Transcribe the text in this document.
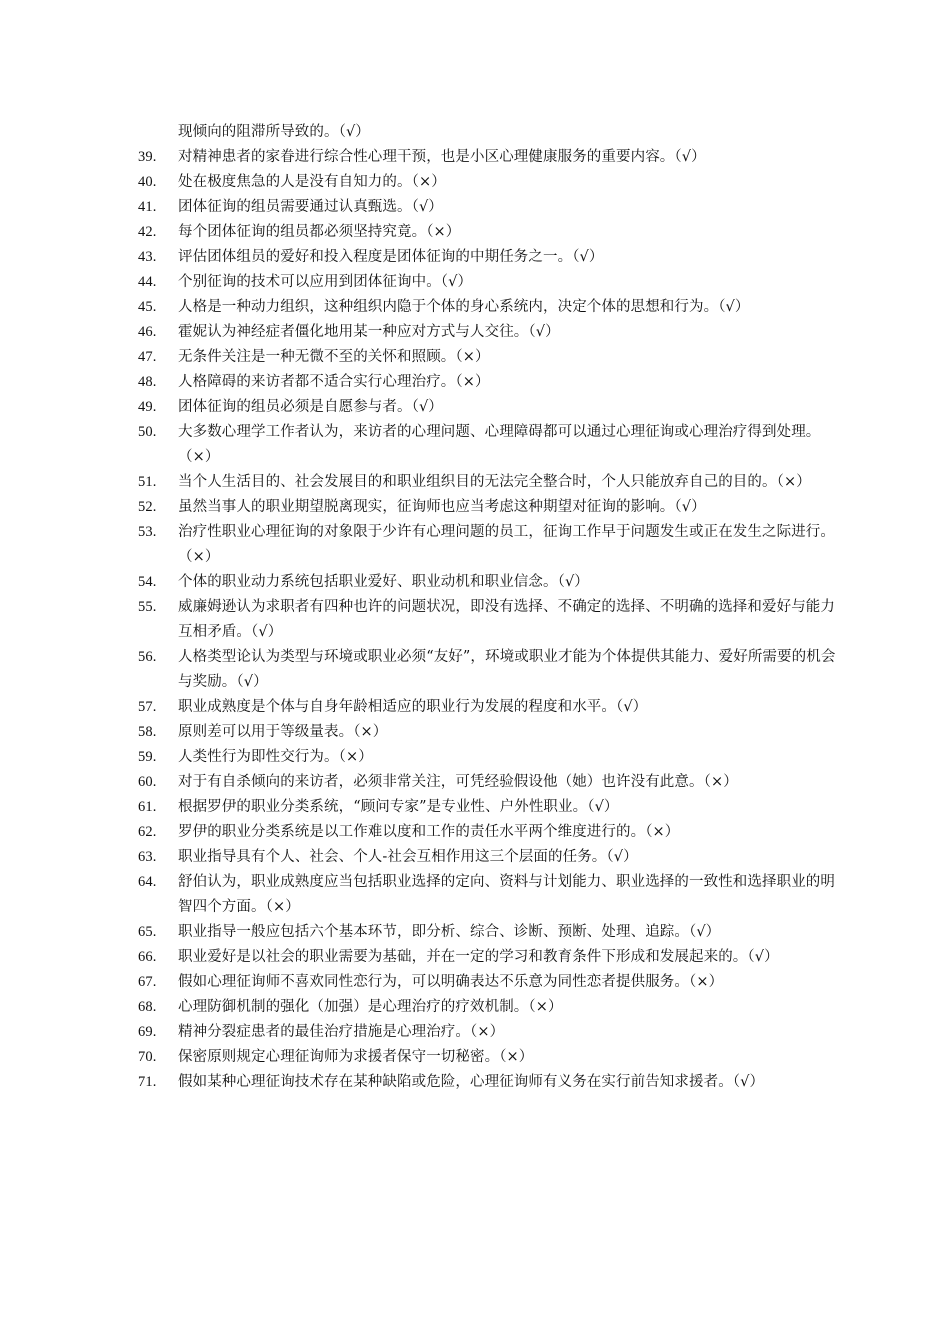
现倾向的阻滞所导致的。（√）
39.	对精神患者的家眷进行综合性心理干预，也是小区心理健康服务的重要内容。（√）
40.	处在极度焦急的人是没有自知力的。（×）
41.	团体征询的组员需要通过认真甄选。（√）
42.	每个团体征询的组员都必须坚持究竟。（×）
43.	评估团体组员的爱好和投入程度是团体征询的中期任务之一。（√）
44.	个别征询的技术可以应用到团体征询中。（√）
45.	人格是一种动力组织，这种组织内隐于个体的身心系统内，决定个体的思想和行为。（√）
46.	霍妮认为神经症者僵化地用某一种应对方式与人交往。（√）
47.	无条件关注是一种无微不至的关怀和照顾。（×）
48.	人格障碍的来访者都不适合实行心理治疗。（×）
49.	团体征询的组员必须是自愿参与者。（√）
50.	大多数心理学工作者认为，来访者的心理问题、心理障碍都可以通过心理征询或心理治疗得到处理。（×）
51.	当个人生活目的、社会发展目的和职业组织目的无法完全整合时，个人只能放弃自己的目的。（×）
52.	虽然当事人的职业期望脱离现实，征询师也应当考虑这种期望对征询的影响。（√）
53.	治疗性职业心理征询的对象限于少许有心理问题的员工，征询工作早于问题发生或正在发生之际进行。（×）
54.	个体的职业动力系统包括职业爱好、职业动机和职业信念。（√）
55.	威廉姆逊认为求职者有四种也许的问题状况，即没有选择、不确定的选择、不明确的选择和爱好与能力互相矛盾。（√）
56.	人格类型论认为类型与环境或职业必须“友好”，环境或职业才能为个体提供其能力、爱好所需要的机会与奖励。（√）
57.	职业成熟度是个体与自身年龄相适应的职业行为发展的程度和水平。（√）
58.	原则差可以用于等级量表。（×）
59.	人类性行为即性交行为。（×）
60.	对于有自杀倾向的来访者，必须非常关注，可凭经验假设他（她）也许没有此意。（×）
61.	根据罗伊的职业分类系统，“顾问专家”是专业性、户外性职业。（√）
62.	罗伊的职业分类系统是以工作难以度和工作的责任水平两个维度进行的。（×）
63.	职业指导具有个人、社会、个人-社会互相作用这三个层面的任务。（√）
64.	舒伯认为，职业成熟度应当包括职业选择的定向、资料与计划能力、职业选择的一致性和选择职业的明智四个方面。（×）
65.	职业指导一般应包括六个基本环节，即分析、综合、诊断、预断、处理、追踪。（√）
66.	职业爱好是以社会的职业需要为基础，并在一定的学习和教育条件下形成和发展起来的。（√）
67.	假如心理征询师不喜欢同性恋行为，可以明确表达不乐意为同性恋者提供服务。（×）
68.	心理防御机制的强化（加强）是心理治疗的疗效机制。（×）
69.	精神分裂症患者的最佳治疗措施是心理治疗。（×）
70.	保密原则规定心理征询师为求援者保守一切秘密。（×）
71.	假如某种心理征询技术存在某种缺陷或危险，心理征询师有义务在实行前告知求援者。（√）
